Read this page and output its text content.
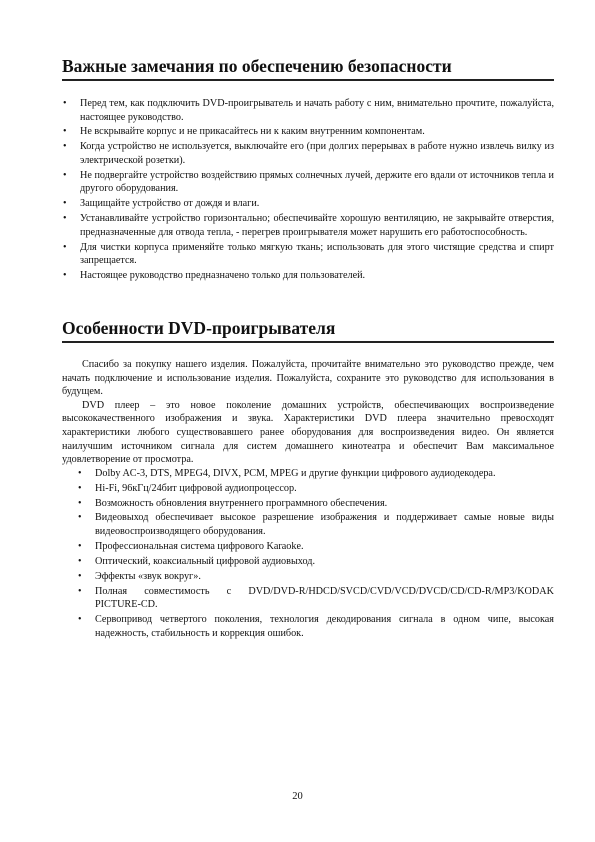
Важные замечания по обеспечению безопасности
• Перед тем, как подключить DVD-проигрыватель и начать работу с ним, внимательно прочтите, пожалуйста, настоящее руководство.
• Не вскрывайте корпус и не прикасайтесь ни к каким внутренним компонентам.
• Когда устройство не используется, выключайте его (при долгих перерывах в работе нужно извлечь вилку из электрической розетки).
• Не подвергайте устройство воздействию прямых солнечных лучей, держите его вдали от источников тепла и другого оборудования.
• Защищайте устройство от дождя и влаги.
• Устанавливайте устройство горизонтально; обеспечивайте хорошую вентиляцию, не закрывайте отверстия, предназначенные для отвода тепла, - перегрев проигрывателя может нарушить его работоспособность.
• Для чистки корпуса применяйте только мягкую ткань; использовать для этого чистящие средства и спирт запрещается.
• Настоящее руководство предназначено только для пользователей.
Особенности DVD-проигрывателя

Спасибо за покупку нашего изделия. Пожалуйста, прочитайте внимательно это руководство прежде, чем начать подключение и использование изделия. Пожалуйста, сохраните это руководство для использования в будущем.

DVD плеер – это новое поколение домашних устройств, обеспечивающих воспроизведение высококачественного изображения и звука. Характеристики DVD плеера значительно превосходят характеристики любого существовавшего ранее оборудования для воспроизведения видео. Он является наилучшим источником сигнала для систем домашнего кинотеатра и обеспечит Вам максимальное удовлетворение от просмотра.

• Dolby AC-3, DTS, MPEG4, DIVX, PCM, MPEG и другие функции цифрового аудиодекодера.
• Hi-Fi, 96кГц/24бит цифровой аудиопроцессор.
• Возможность обновления внутреннего программного обеспечения.
• Видеовыход обеспечивает высокое разрешение изображения и поддерживает самые новые виды видеовоспроизводящего оборудования.
• Профессиональная система цифрового Karaoke.
• Оптический, коаксиальный цифровой аудиовыход.
• Эффекты «звук вокруг».
• Полная совместимость с DVD/DVD-R/HDCD/SVCD/CVD/VCD/DVCD/CD/CD-R/MP3/KODAK PICTURE-CD.
• Сервопривод четвертого поколения, технология декодирования сигнала в одном чипе, высокая надежность, стабильность и коррекция ошибок.
20
